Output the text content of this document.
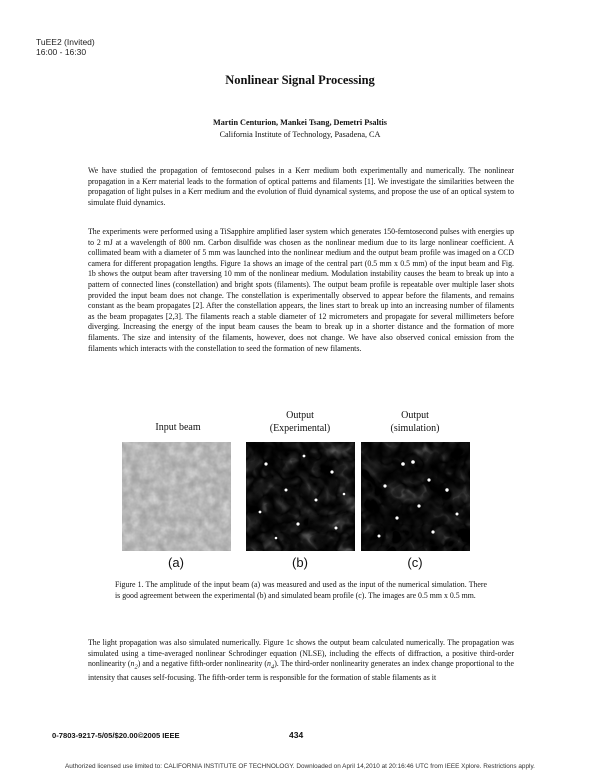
TuEE2 (Invited)
16:00 - 16:30
Nonlinear Signal Processing
Martin Centurion, Mankei Tsang, Demetri Psaltis
California Institute of Technology, Pasadena, CA
We have studied the propagation of femtosecond pulses in a Kerr medium both experimentally and numerically. The nonlinear propagation in a Kerr material leads to the formation of optical patterns and filaments [1]. We investigate the similarities between the propagation of light pulses in a Kerr medium and the evolution of fluid dynamical systems, and propose the use of an optical system to simulate fluid dynamics.
The experiments were performed using a TiSapphire amplified laser system which generates 150-femtosecond pulses with energies up to 2 mJ at a wavelength of 800 nm. Carbon disulfide was chosen as the nonlinear medium due to its large nonlinear coefficient. A collimated beam with a diameter of 5 mm was launched into the nonlinear medium and the output beam profile was imaged on a CCD camera for different propagation lengths. Figure 1a shows an image of the central part (0.5 mm x 0.5 mm) of the input beam and Fig. 1b shows the output beam after traversing 10 mm of the nonlinear medium. Modulation instability causes the beam to break up into a pattern of connected lines (constellation) and bright spots (filaments). The output beam profile is repeatable over multiple laser shots provided the input beam does not change. The constellation is experimentally observed to appear before the filaments, and remains constant as the beam propagates [2]. After the constellation appears, the lines start to break up into an increasing number of filaments as the beam propagates [2,3]. The filaments reach a stable diameter of 12 micrometers and propagate for several millimeters before diverging. Increasing the energy of the input beam causes the beam to break up in a shorter distance and the formation of more filaments. The size and intensity of the filaments, however, does not change. We have also observed conical emission from the filaments which interacts with the constellation to seed the formation of new filaments.
Input beam
Output
(Experimental)
Output
(simulation)
(a)	(b)	(c)
Figure 1. The amplitude of the input beam (a) was measured and used as the input of the numerical simulation. There is good agreement between the experimental (b) and simulated beam profile (c). The images are 0.5 mm x 0.5 mm.
The light propagation was also simulated numerically. Figure 1c shows the output beam calculated numerically. The propagation was simulated using a time-averaged nonlinear Schrodinger equation (NLSE), including the effects of diffraction, a positive third-order nonlinearity $(n_2)$ and a negative fifth-order nonlinearity $(n_4)$. The third-order nonlinearity generates an index change proportional to the intensity that causes self-focusing. The fifth-order term is responsible for the formation of stable filaments as it
0-7803-9217-5/05/$20.00©2005 IEEE	434
Authorized licensed use limited to: CALIFORNIA INSTITUTE OF TECHNOLOGY. Downloaded on April 14,2010 at 20:16:46 UTC from IEEE Xplore. Restrictions apply.
